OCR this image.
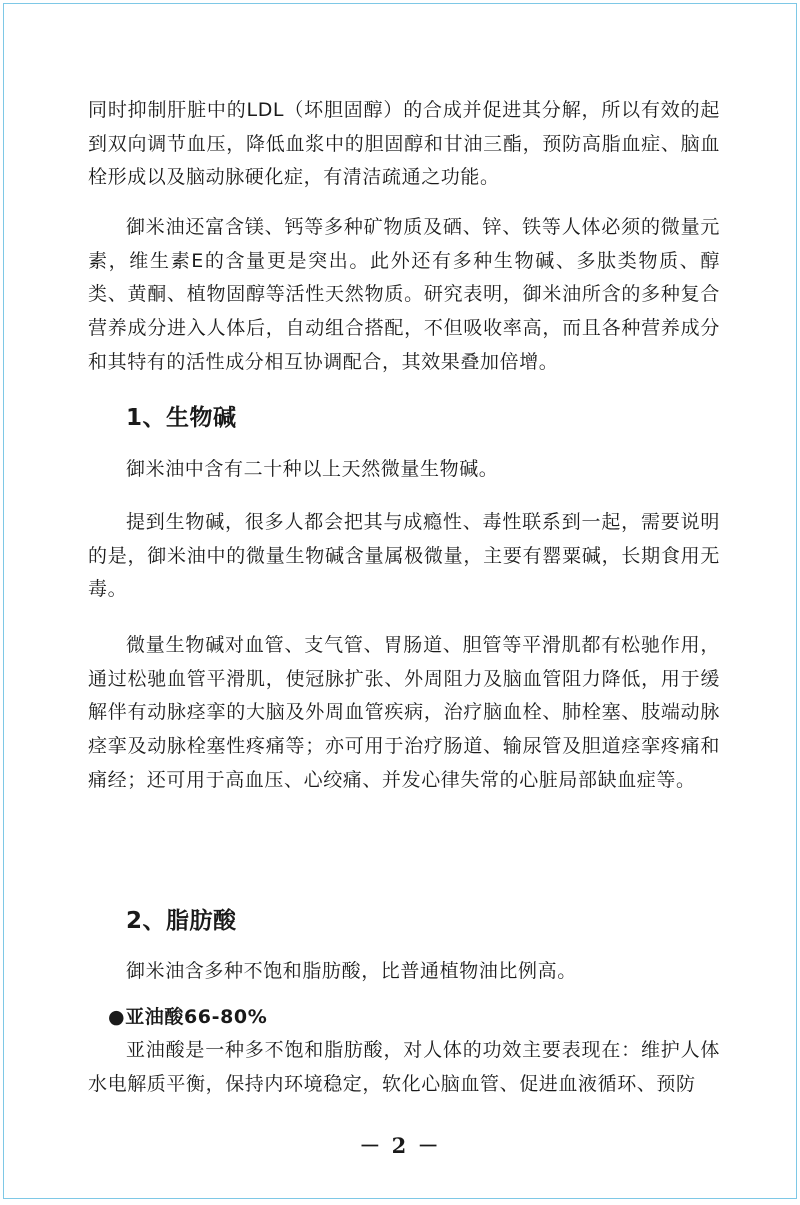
同时抑制肝脏中的LDL（坏胆固醇）的合成并促进其分解，所以有效的起到双向调节血压，降低血浆中的胆固醇和甘油三酯，预防高脂血症、脑血栓形成以及脑动脉硬化症，有清洁疏通之功能。

御米油还富含镁、钙等多种矿物质及硒、锌、铁等人体必须的微量元素，维生素E的含量更是突出。此外还有多种生物碱、多肽类物质、醇类、黄酮、植物固醇等活性天然物质。研究表明，御米油所含的多种复合营养成分进入人体后，自动组合搭配，不但吸收率高，而且各种营养成分和其特有的活性成分相互协调配合，其效果叠加倍增。

1、生物碱

御米油中含有二十种以上天然微量生物碱。

提到生物碱，很多人都会把其与成瘾性、毒性联系到一起，需要说明的是，御米油中的微量生物碱含量属极微量，主要有罂粟碱，长期食用无毒。

微量生物碱对血管、支气管、胃肠道、胆管等平滑肌都有松驰作用，通过松驰血管平滑肌，使冠脉扩张、外周阻力及脑血管阻力降低，用于缓解伴有动脉痉挛的大脑及外周血管疾病，治疗脑血栓、肺栓塞、肢端动脉痉挛及动脉栓塞性疼痛等；亦可用于治疗肠道、输尿管及胆道痉挛疼痛和痛经；还可用于高血压、心绞痛、并发心律失常的心脏局部缺血症等。

2、脂肪酸

御米油含多种不饱和脂肪酸，比普通植物油比例高。

●亚油酸66-80%

亚油酸是一种多不饱和脂肪酸，对人体的功效主要表现在：维护人体水电解质平衡，保持内环境稳定，软化心脑血管、促进血液循环、预防

－ 2 －
